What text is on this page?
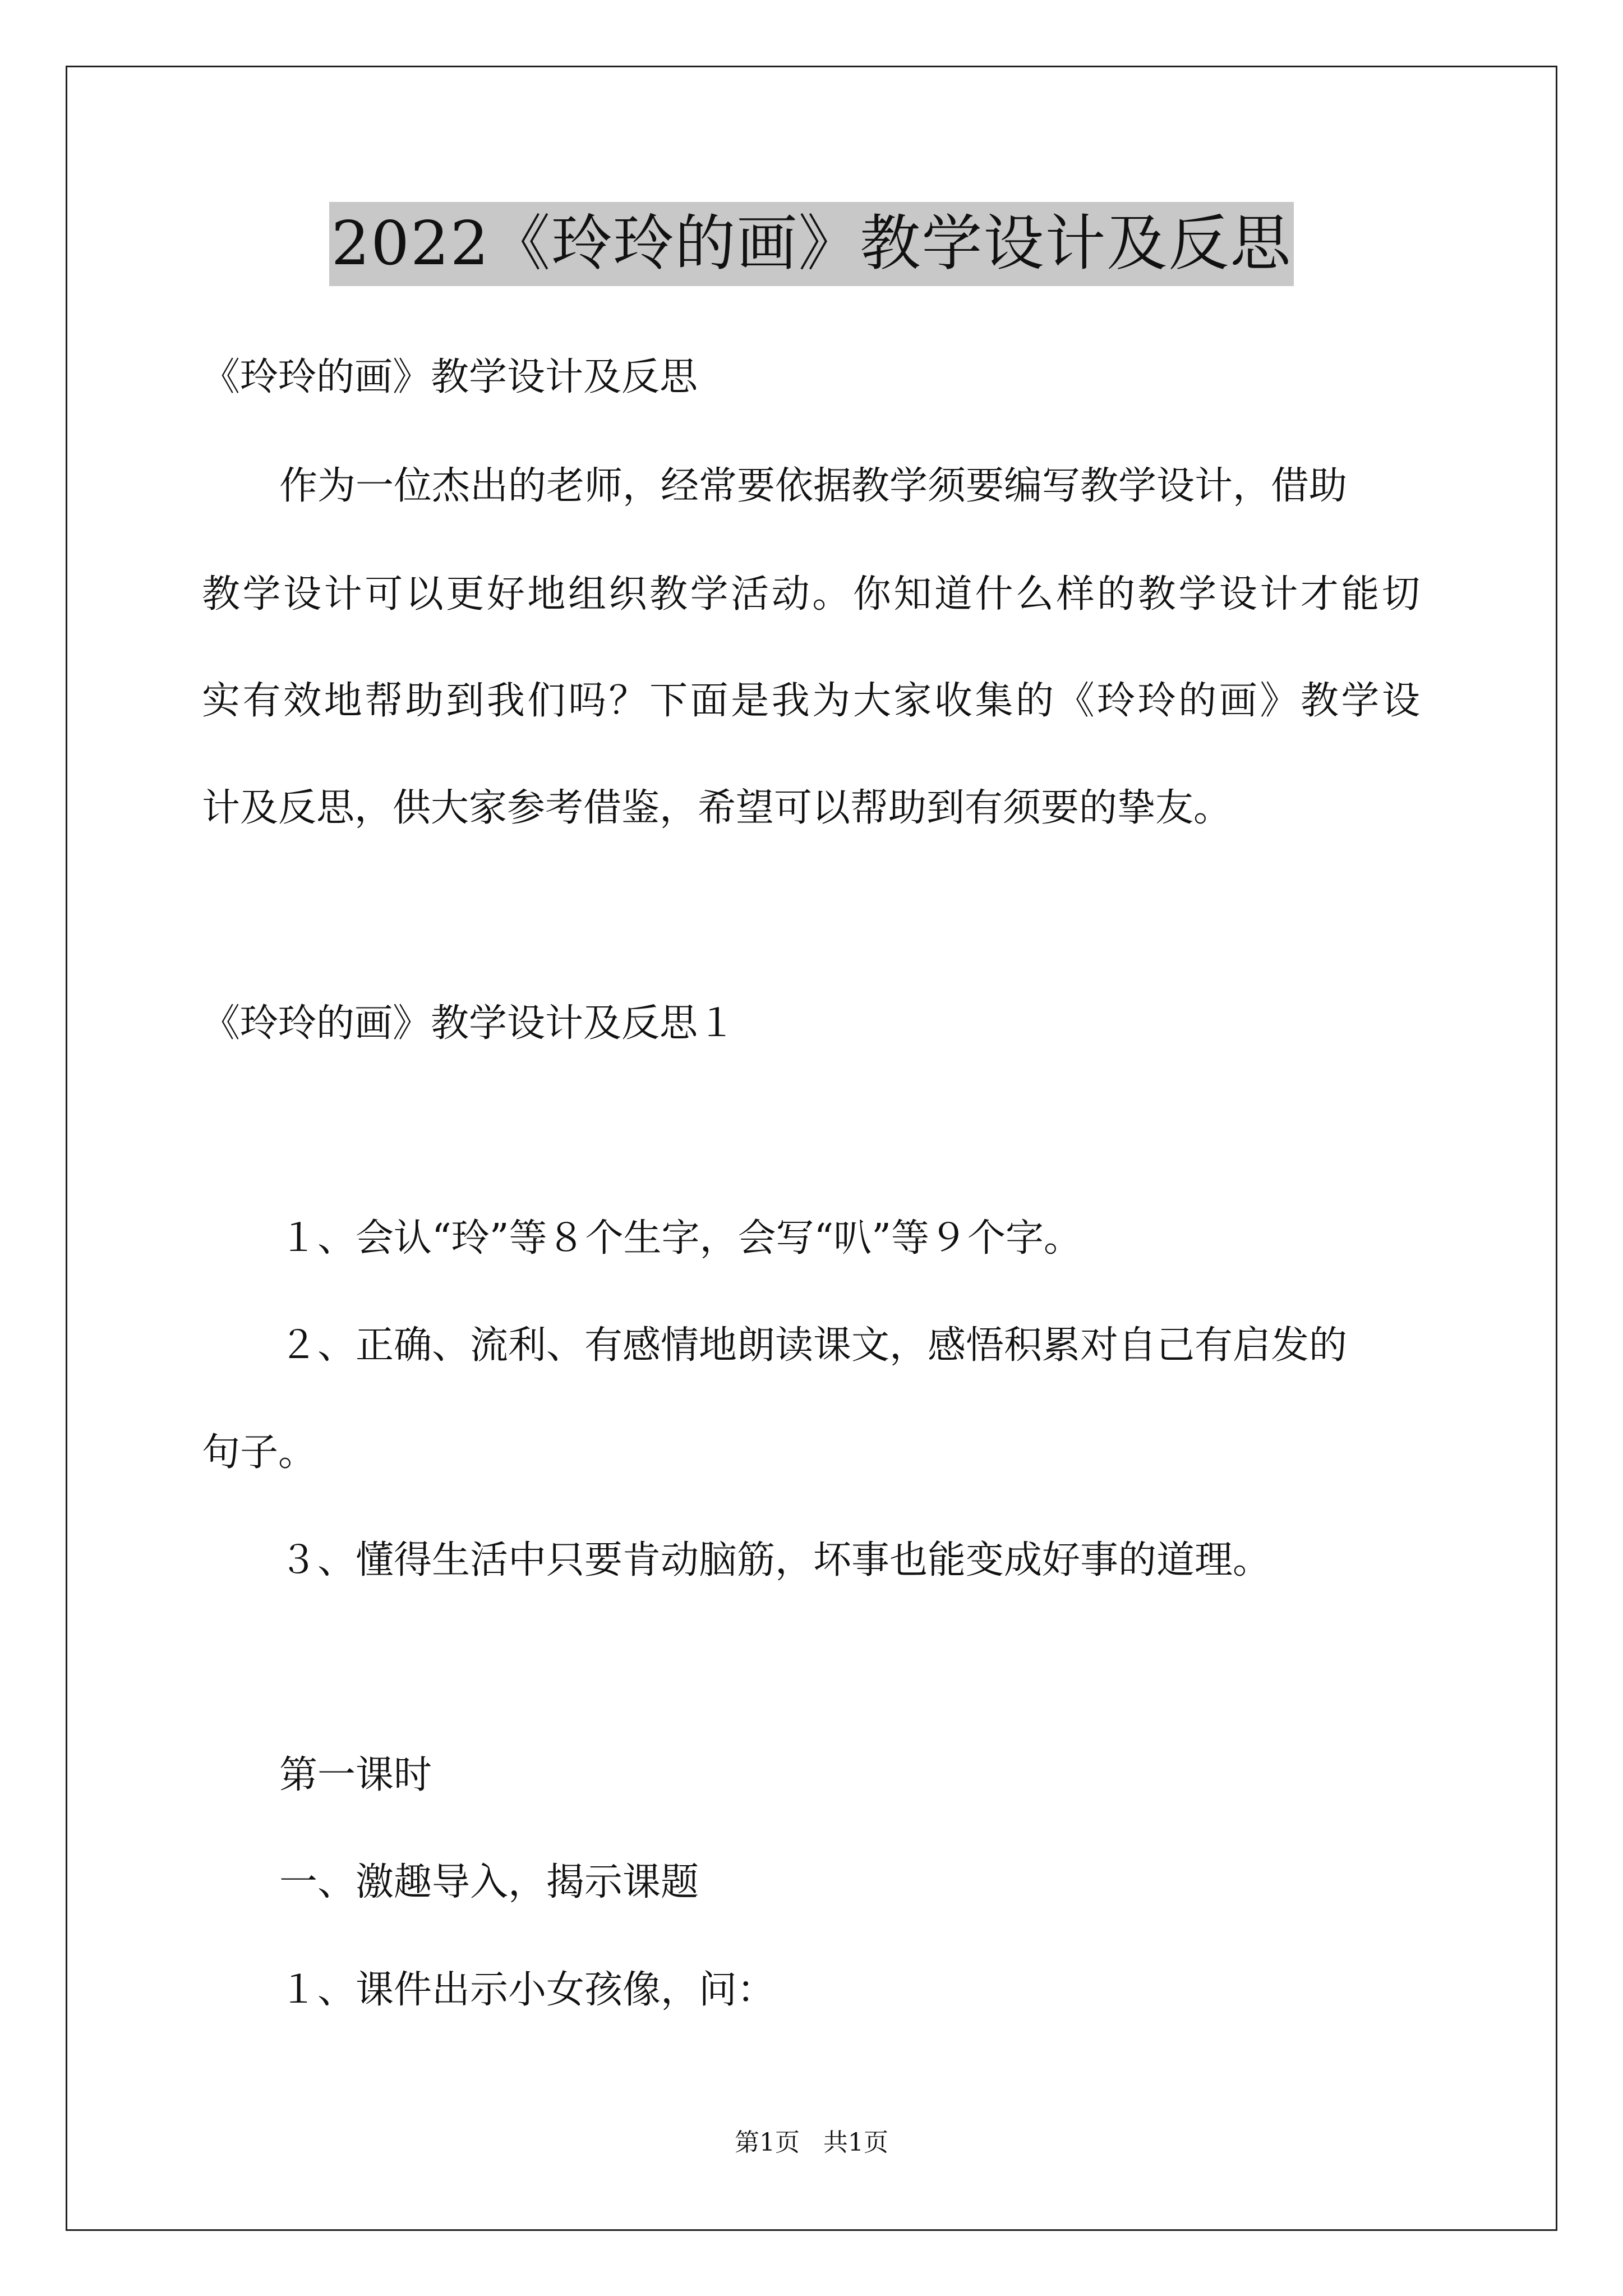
2022《玲玲的画》教学设计及反思
《玲玲的画》教学设计及反思
作为一位杰出的老师，经常要依据教学须要编写教学设计，借助
教学设计可以更好地组织教学活动。你知道什么样的教学设计才能切
实有效地帮助到我们吗？下面是我为大家收集的《玲玲的画》教学设
计及反思，供大家参考借鉴，希望可以帮助到有须要的挚友。
《玲玲的画》教学设计及反思１
１、会认“玲”等８个生字，会写“叭”等９个字。
２、正确、流利、有感情地朗读课文，感悟积累对自己有启发的
句子。
３、懂得生活中只要肯动脑筋，坏事也能变成好事的道理。
第一课时
一、激趣导入，揭示课题
１、课件出示小女孩像，问：
第1页   共1页
